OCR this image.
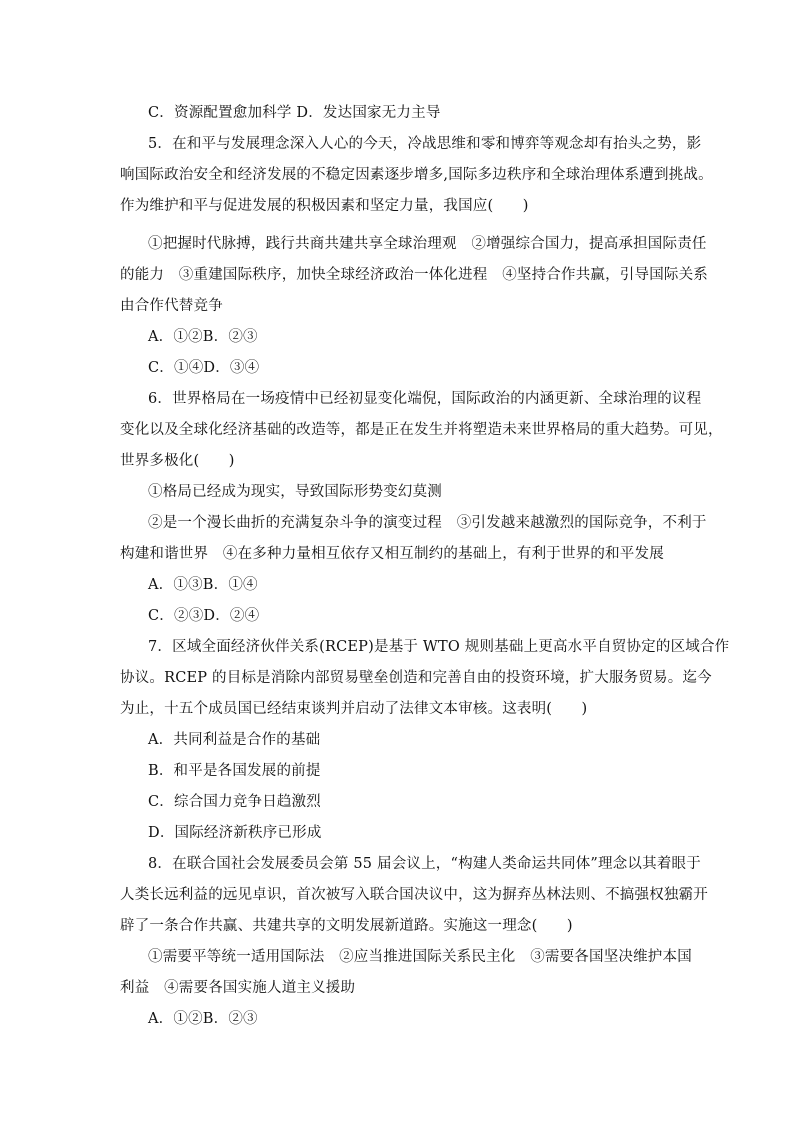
C．资源配置愈加科学 D．发达国家无力主导
5．在和平与发展理念深入人心的今天，冷战思维和零和博弈等观念却有抬头之势，影
响国际政治安全和经济发展的不稳定因素逐步增多,国际多边秩序和全球治理体系遭到挑战。
作为维护和平与促进发展的积极因素和坚定力量，我国应(　　)
①把握时代脉搏，践行共商共建共享全球治理观　②增强综合国力，提高承担国际责任
的能力　③重建国际秩序，加快全球经济政治一体化进程　④坚持合作共赢，引导国际关系
由合作代替竞争
A．①②B．②③
C．①④D．③④
6．世界格局在一场疫情中已经初显变化端倪，国际政治的内涵更新、全球治理的议程
变化以及全球化经济基础的改造等，都是正在发生并将塑造未来世界格局的重大趋势。可见，
世界多极化(　　)
①格局已经成为现实，导致国际形势变幻莫测
②是一个漫长曲折的充满复杂斗争的演变过程　③引发越来越激烈的国际竞争，不利于
构建和谐世界　④在多种力量相互依存又相互制约的基础上，有利于世界的和平发展
A．①③B．①④
C．②③D．②④
7．区域全面经济伙伴关系(RCEP)是基于 WTO 规则基础上更高水平自贸协定的区域合作
协议。RCEP 的目标是消除内部贸易壁垒创造和完善自由的投资环境，扩大服务贸易。迄今
为止，十五个成员国已经结束谈判并启动了法律文本审核。这表明(　　)
A．共同利益是合作的基础
B．和平是各国发展的前提
C．综合国力竞争日趋激烈
D．国际经济新秩序已形成
8．在联合国社会发展委员会第 55 届会议上，“构建人类命运共同体”理念以其着眼于
人类长远利益的远见卓识，首次被写入联合国决议中，这为摒弃丛林法则、不搞强权独霸开
辟了一条合作共赢、共建共享的文明发展新道路。实施这一理念(　　)
①需要平等统一适用国际法　②应当推进国际关系民主化　③需要各国坚决维护本国
利益　④需要各国实施人道主义援助
A．①②B．②③
